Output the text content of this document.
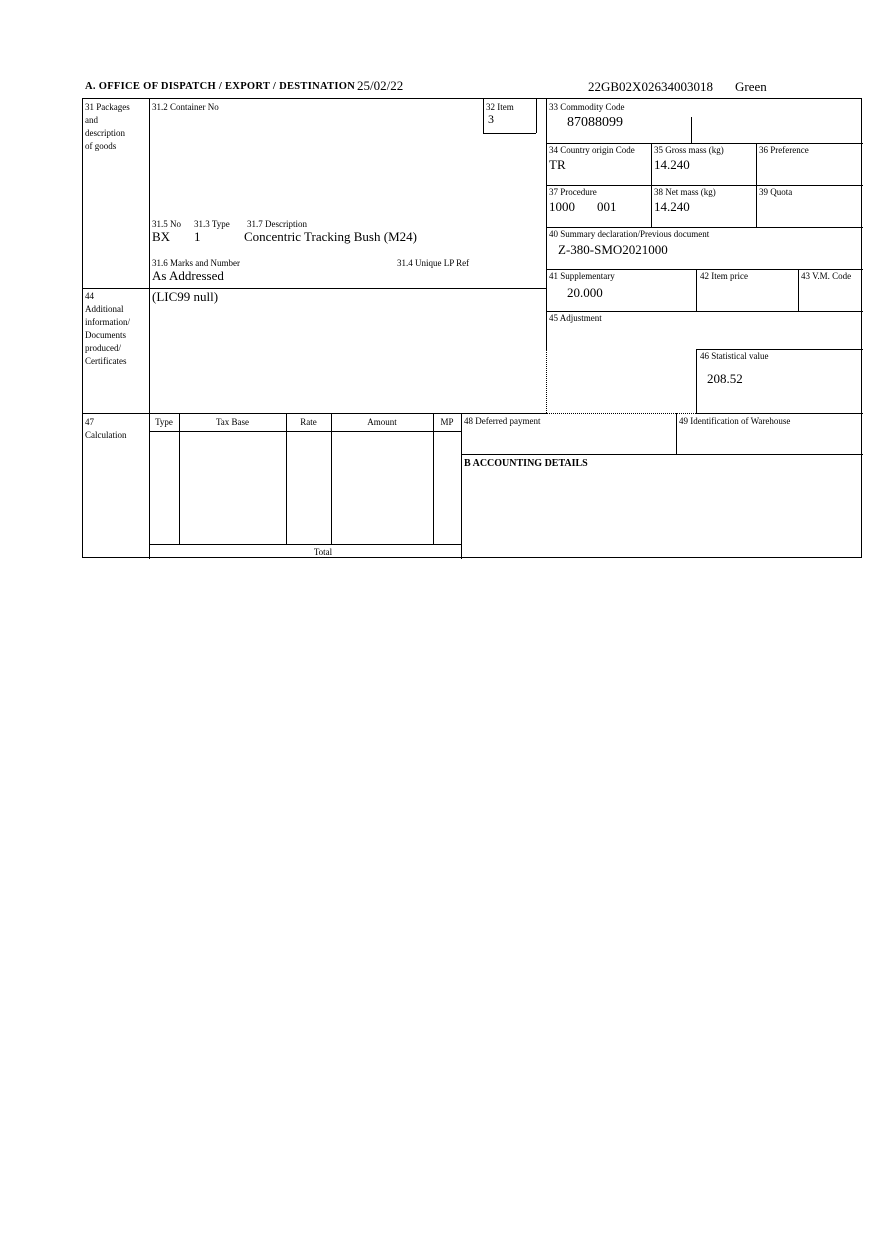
A. OFFICE OF DISPATCH / EXPORT / DESTINATION 25/02/22	22GB02X02634003018 Green
31 Packages
and
description
of goods
44
Additional
information/
Documents
produced/
Certificates
47
Calculation
31.2 Container No	32 Item
3
31.5 No 31.3 Type 31.7 Description
BX 1	Concentric Tracking Bush (M24)
31.6 Marks and Number	31.4 Unique LP Ref
As Addressed
(LIC99 null)
33 Commodity Code
87088099
34 Country origin Code
TR
35 Gross mass (kg)
14.240
36 Preference
37 Procedure
1000 001
38 Net mass (kg)
14.240
39 Quota
40 Summary declaration/Previous document
Z-380-SMO2021000
41 Supplementary
20.000
42 Item price	43 V.M. Code
45 Adjustment
46 Statistical value
208.52
Type	Tax Base	Rate	Amount	MP
Total
48 Deferred payment	49 Identification of Warehouse
B ACCOUNTING DETAILS
